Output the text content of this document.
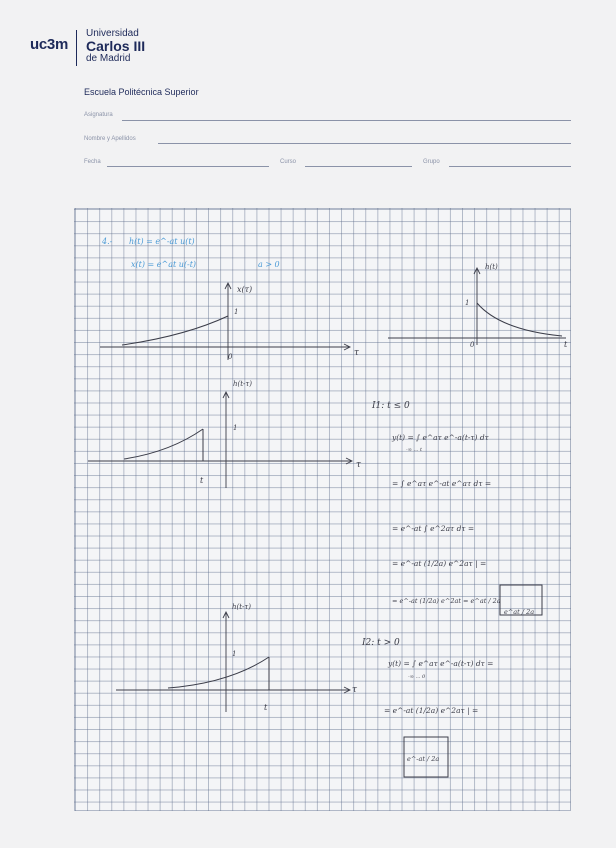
uc3m
Universidad
Carlos III
de Madrid
Escuela Politécnica Superior
Asignatura
Nombre y Apellidos
Fecha	Curso	Grupo
4.- h(t) = e^-at u(t)
x(t) = e^at u(-t)	a > 0
x(τ)
1
0	τ
h(t)
1
0	t
h(t-τ)
1
t
τ
h(t-τ)
1
t
τ
I1: t ≤ 0
y(t) = ∫ e^aτ e^-a(t-τ) dτ
-∞ … t
= ∫ e^aτ e^-at e^aτ dτ =
= e^-at ∫ e^2aτ dτ =
= e^-at (1/2a) e^2aτ | =
= e^-at (1/2a) e^2at = e^at / 2a
e^at / 2a
I2: t > 0
y(t) = ∫ e^aτ e^-a(t-τ) dτ =
-∞ … 0
= e^-at (1/2a) e^2aτ | =
e^-at / 2a
